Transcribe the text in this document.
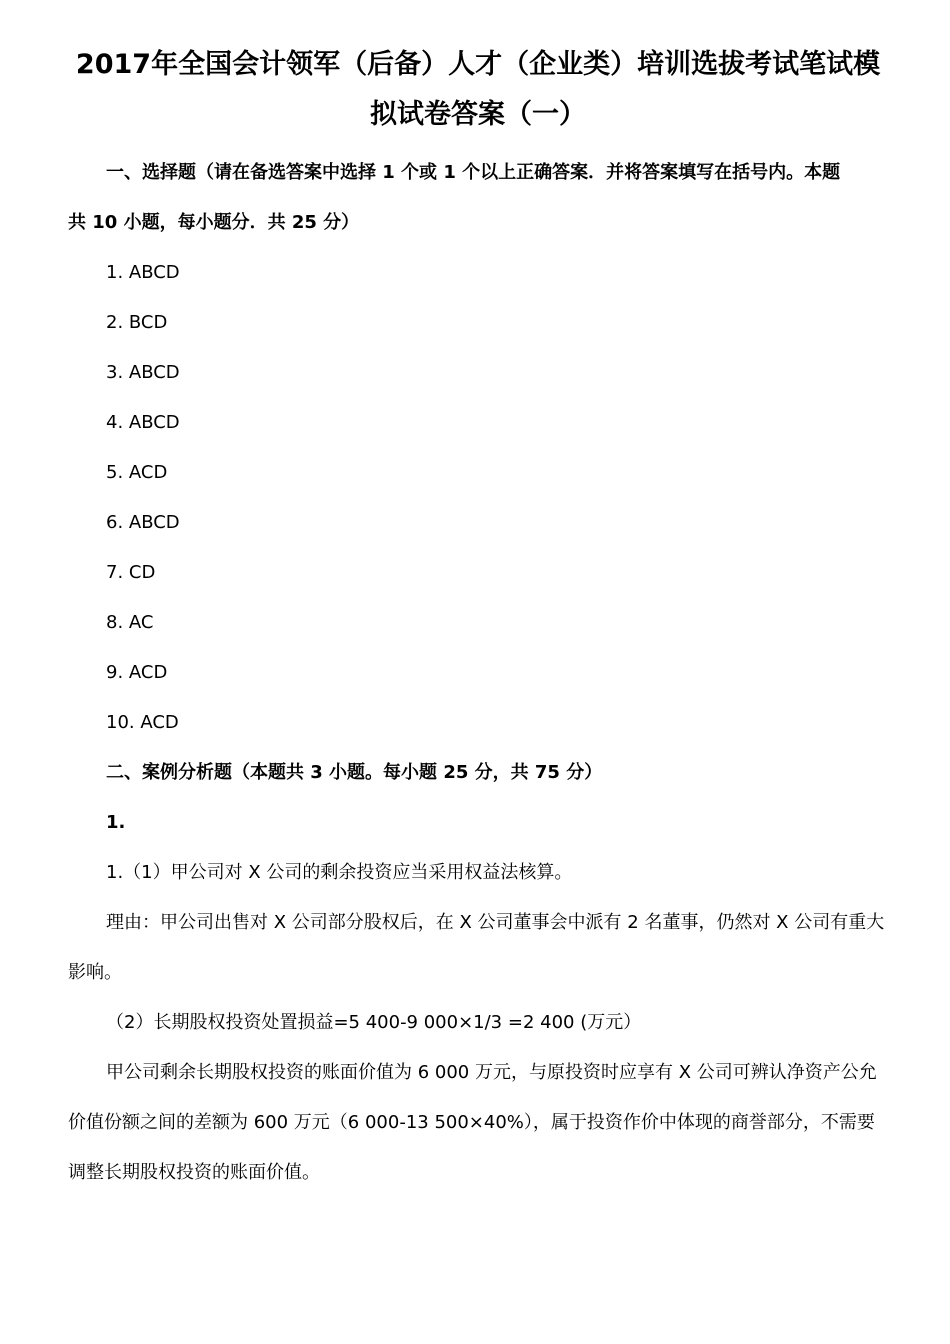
2017年全国会计领军（后备）人才（企业类）培训选拔考试笔试模拟试卷答案（一）
一、选择题（请在备选答案中选择 1 个或 1 个以上正确答案．并将答案填写在括号内。本题
共 10 小题，每小题分．共 25 分）
1. ABCD
2. BCD
3. ABCD
4. ABCD
5. ACD
6. ABCD
7. CD
8. AC
9. ACD
10. ACD
二、案例分析题（本题共 3 小题。每小题 25 分，共 75 分）
1.
1.（1）甲公司对 X 公司的剩余投资应当采用权益法核算。

理由：甲公司出售对 X 公司部分股权后，在 X 公司董事会中派有 2 名董事，仍然对 X 公司有重大影响。

（2）长期股权投资处置损益=5 400-9 000×1/3 =2 400 (万元）

甲公司剩余长期股权投资的账面价值为 6 000 万元，与原投资时应享有 X 公司可辨认净资产公允价值份额之间的差额为 600 万元（6 000-13 500×40%），属于投资作价中体现的商誉部分，不需要调整长期股权投资的账面价值。
